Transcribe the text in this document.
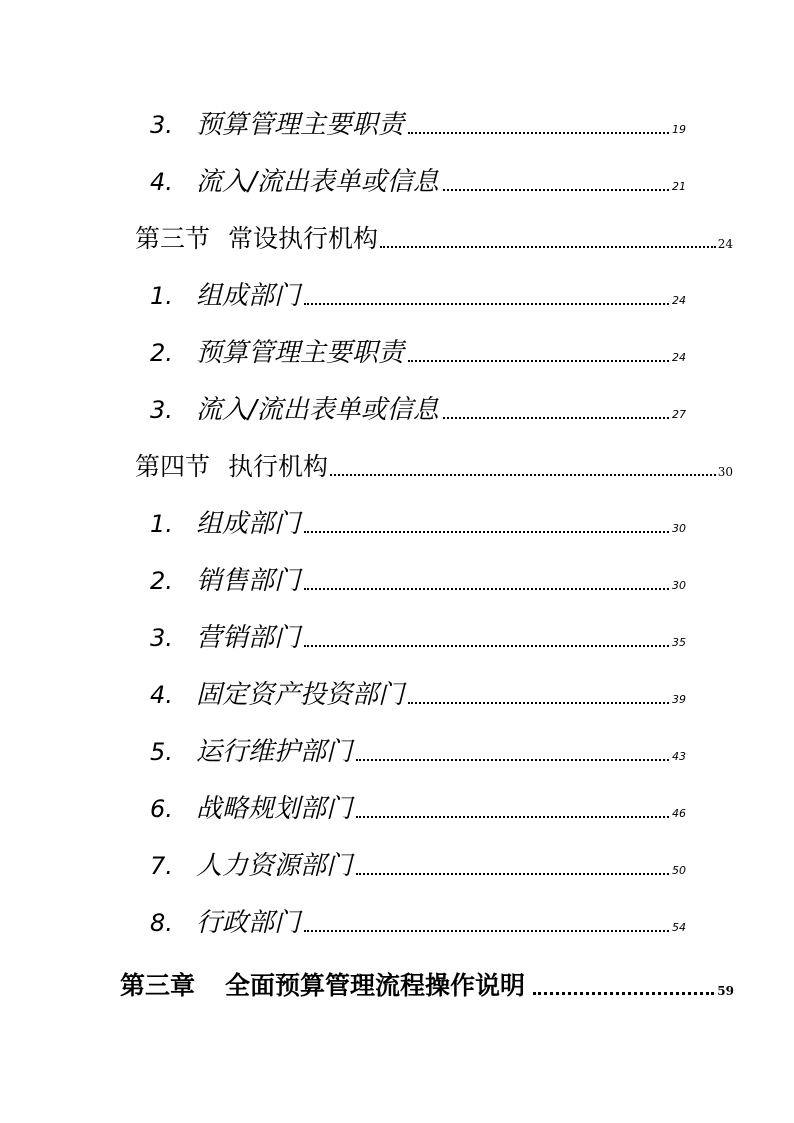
3. 预算管理主要职责	19
4. 流入/流出表单或信息	21
第三节 常设执行机构	24
1. 组成部门	24
2. 预算管理主要职责	24
3. 流入/流出表单或信息	27
第四节 执行机构	30
1. 组成部门	30
2. 销售部门	30
3. 营销部门	35
4. 固定资产投资部门	39
5. 运行维护部门	43
6. 战略规划部门	46
7. 人力资源部门	50
8. 行政部门	54
第三章 全面预算管理流程操作说明	59
